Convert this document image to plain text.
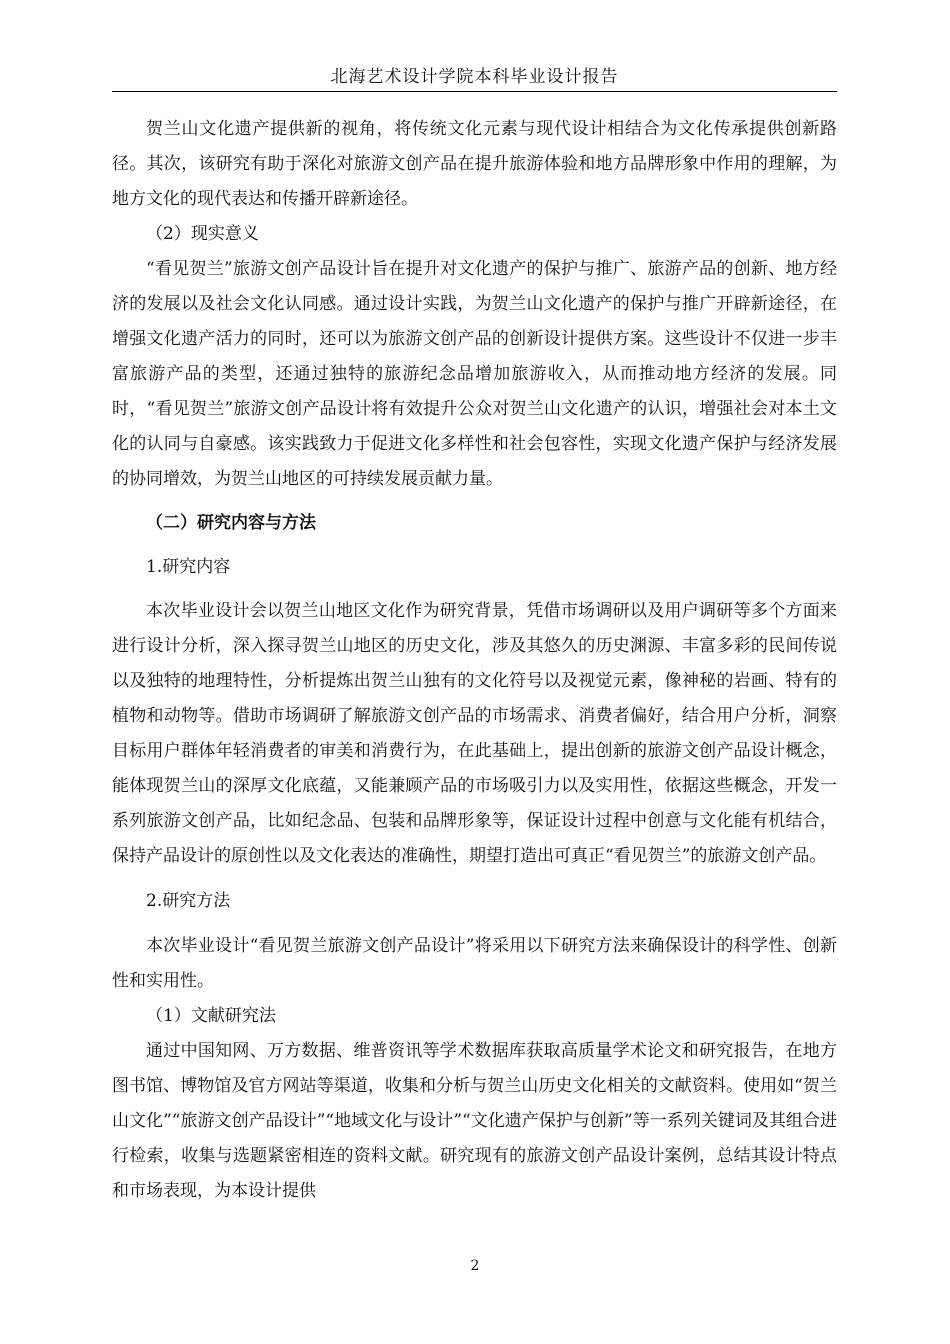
北海艺术设计学院本科毕业设计报告

贺兰山文化遗产提供新的视角，将传统文化元素与现代设计相结合为文化传承提供创新路径。其次，该研究有助于深化对旅游文创产品在提升旅游体验和地方品牌形象中作用的理解，为地方文化的现代表达和传播开辟新途径。

（2）现实意义

“看见贺兰”旅游文创产品设计旨在提升对文化遗产的保护与推广、旅游产品的创新、地方经济的发展以及社会文化认同感。通过设计实践，为贺兰山文化遗产的保护与推广开辟新途径，在增强文化遗产活力的同时，还可以为旅游文创产品的创新设计提供方案。这些设计不仅进一步丰富旅游产品的类型，还通过独特的旅游纪念品增加旅游收入，从而推动地方经济的发展。同时，“看见贺兰”旅游文创产品设计将有效提升公众对贺兰山文化遗产的认识，增强社会对本土文化的认同与自豪感。该实践致力于促进文化多样性和社会包容性，实现文化遗产保护与经济发展的协同增效，为贺兰山地区的可持续发展贡献力量。

（二）研究内容与方法

1.研究内容

本次毕业设计会以贺兰山地区文化作为研究背景，凭借市场调研以及用户调研等多个方面来进行设计分析，深入探寻贺兰山地区的历史文化，涉及其悠久的历史渊源、丰富多彩的民间传说以及独特的地理特性，分析提炼出贺兰山独有的文化符号以及视觉元素，像神秘的岩画、特有的植物和动物等。借助市场调研了解旅游文创产品的市场需求、消费者偏好，结合用户分析，洞察目标用户群体年轻消费者的审美和消费行为，在此基础上，提出创新的旅游文创产品设计概念，能体现贺兰山的深厚文化底蕴，又能兼顾产品的市场吸引力以及实用性，依据这些概念，开发一系列旅游文创产品，比如纪念品、包装和品牌形象等，保证设计过程中创意与文化能有机结合，保持产品设计的原创性以及文化表达的准确性，期望打造出可真正“看见贺兰”的旅游文创产品。

2.研究方法

本次毕业设计“看见贺兰旅游文创产品设计”将采用以下研究方法来确保设计的科学性、创新性和实用性。

（1）文献研究法

通过中国知网、万方数据、维普资讯等学术数据库获取高质量学术论文和研究报告，在地方图书馆、博物馆及官方网站等渠道，收集和分析与贺兰山历史文化相关的文献资料。使用如“贺兰山文化”“旅游文创产品设计”“地域文化与设计”“文化遗产保护与创新”等一系列关键词及其组合进行检索，收集与选题紧密相连的资料文献。研究现有的旅游文创产品设计案例，总结其设计特点和市场表现，为本设计提供

2
